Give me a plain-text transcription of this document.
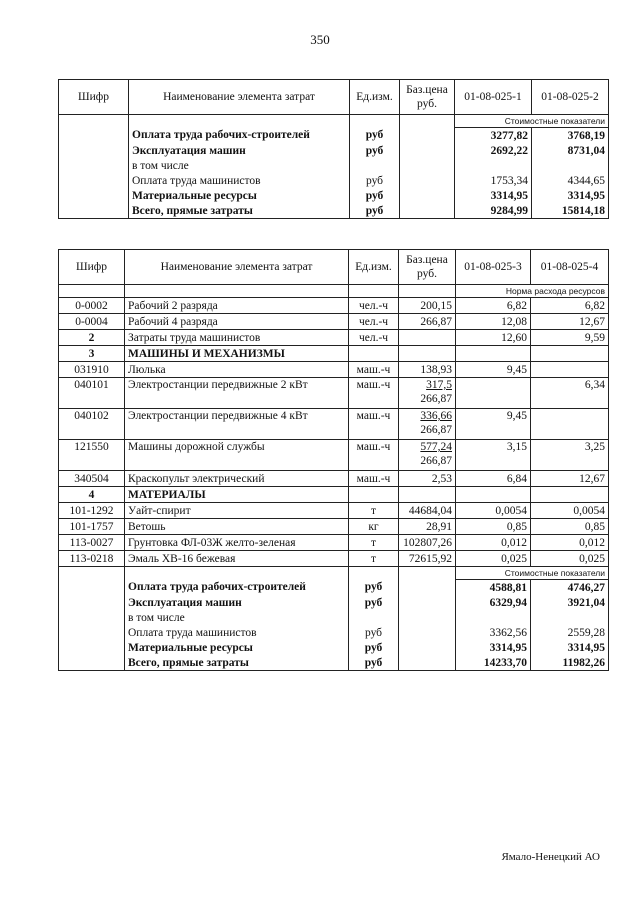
350
Шифр	Наименование элемента затрат	Ед.изм.	Баз.цена руб.	01-08-025-1	01-08-025-2
				Стоимостные показатели	
	Оплата труда рабочих-строителей	руб		3277,82	3768,19
	Эксплуатация машин	руб		2692,22	8731,04
	в том числе				
	Оплата труда машинистов	руб		1753,34	4344,65
	Материальные ресурсы	руб		3314,95	3314,95
	Всего, прямые затраты	руб		9284,99	15814,18
Шифр	Наименование элемента затрат	Ед.изм.	Баз.цена руб.	01-08-025-3	01-08-025-4
				Норма расхода ресурсов	
0-0002	Рабочий 2 разряда	чел.-ч	200,15	6,82	6,82
0-0004	Рабочий 4 разряда	чел.-ч	266,87	12,08	12,67
2	Затраты труда машинистов	чел.-ч		12,60	9,59
3	МАШИНЫ И МЕХАНИЗМЫ				
031910	Люлька	маш.-ч	138,93	9,45	
040101	Электростанции передвижные 2 кВт	маш.-ч	317,5
266,87		6,34
040102	Электростанции передвижные 4 кВт	маш.-ч	336,66
266,87	9,45	
121550	Машины дорожной службы	маш.-ч	577,24
266,87	3,15	3,25
340504	Краскопульт электрический	маш.-ч	2,53	6,84	12,67
4	МАТЕРИАЛЫ				
101-1292	Уайт-спирит	т	44684,04	0,0054	0,0054
101-1757	Ветошь	кг	28,91	0,85	0,85
113-0027	Грунтовка ФЛ-03Ж желто-зеленая	т	102807,26	0,012	0,012
113-0218	Эмаль ХВ-16 бежевая	т	72615,92	0,025	0,025
				Стоимостные показатели	
	Оплата труда рабочих-строителей	руб		4588,81	4746,27
	Эксплуатация машин	руб		6329,94	3921,04
	в том числе				
	Оплата труда машинистов	руб		3362,56	2559,28
	Материальные ресурсы	руб		3314,95	3314,95
	Всего, прямые затраты	руб		14233,70	11982,26
Ямало-Ненецкий АО
